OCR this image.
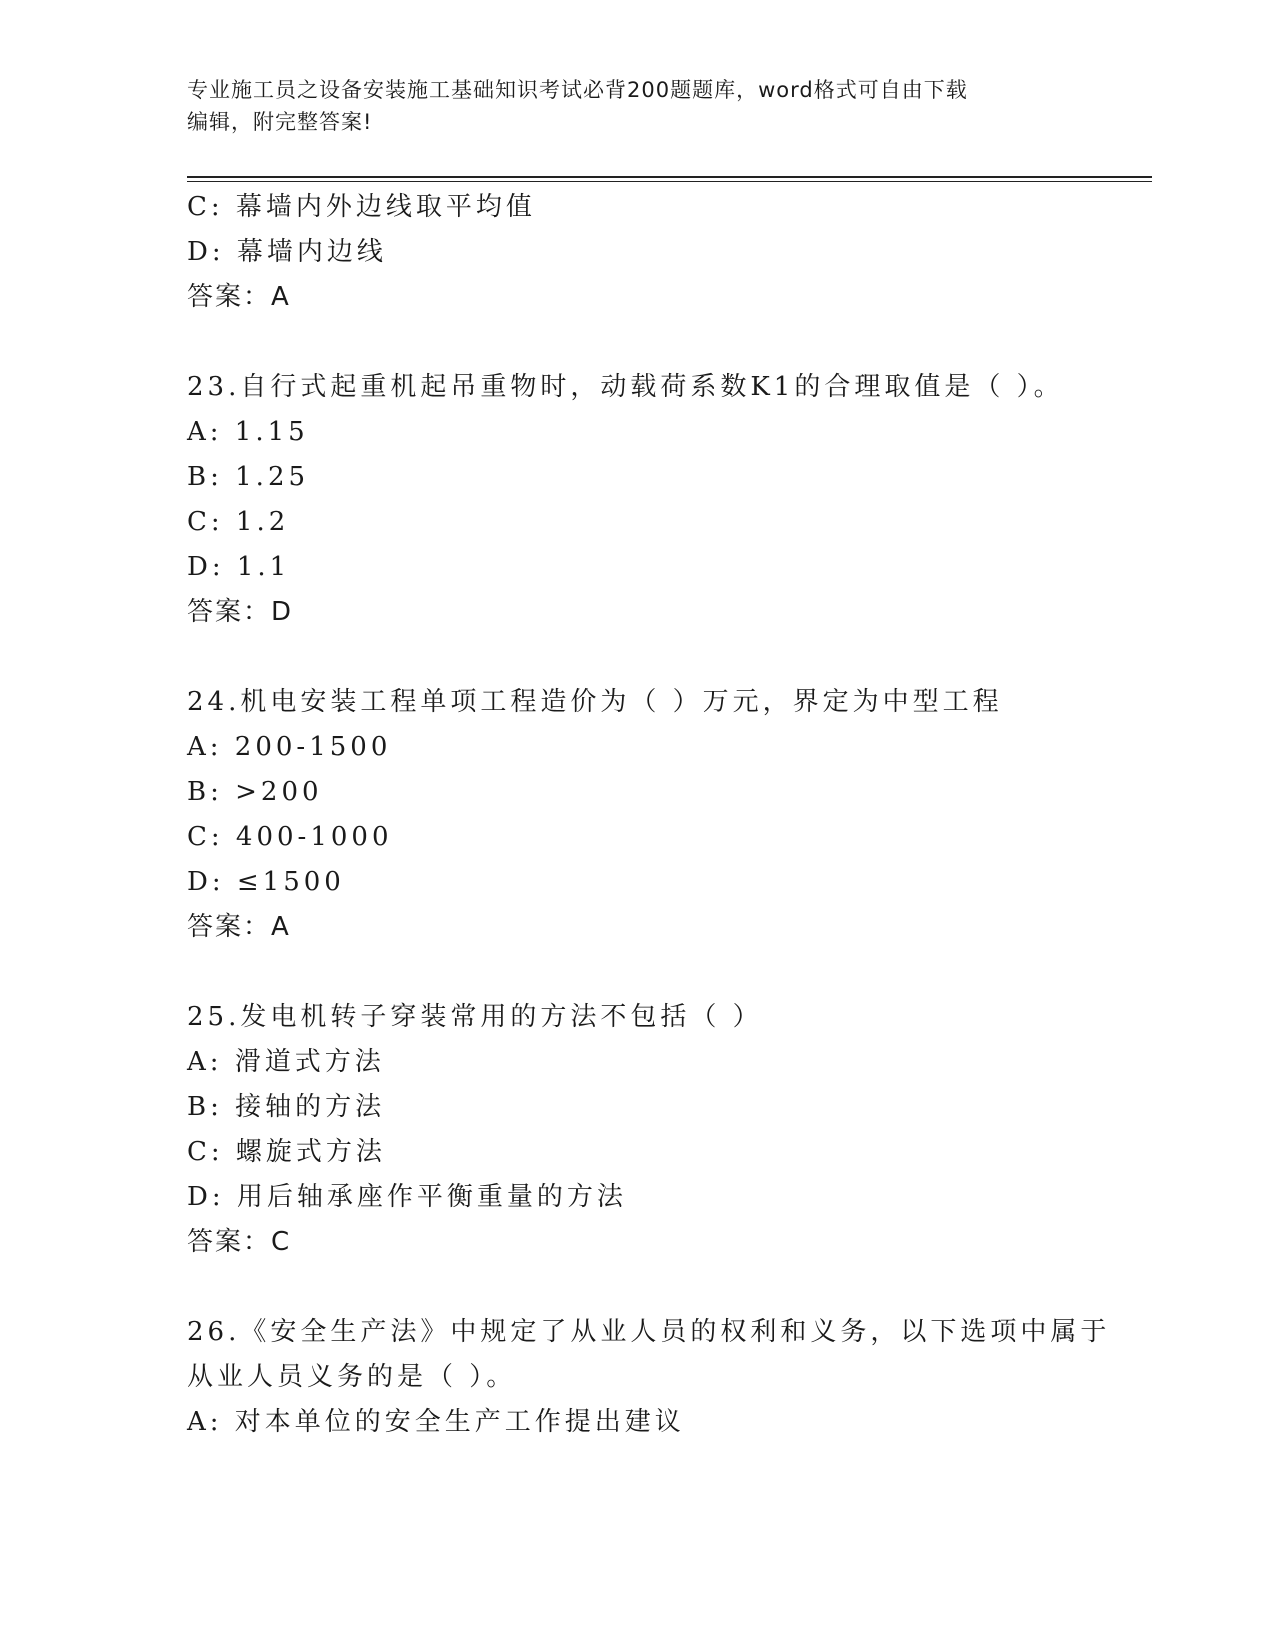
专业施工员之设备安装施工基础知识考试必背200题题库，word格式可自由下载
编辑，附完整答案!
C: 幕墙内外边线取平均值
D: 幕墙内边线
答案：A
23.自行式起重机起吊重物时，动载荷系数K1的合理取值是（ ）。
A: 1.15
B: 1.25
C: 1.2
D: 1.1
答案：D
24.机电安装工程单项工程造价为（ ）万元，界定为中型工程
A: 200-1500
B: >200
C: 400-1000
D: ≤1500
答案：A
25.发电机转子穿装常用的方法不包括（ ）
A: 滑道式方法
B: 接轴的方法
C: 螺旋式方法
D: 用后轴承座作平衡重量的方法
答案：C
26.《安全生产法》中规定了从业人员的权利和义务，以下选项中属于
从业人员义务的是（ ）。
A: 对本单位的安全生产工作提出建议
